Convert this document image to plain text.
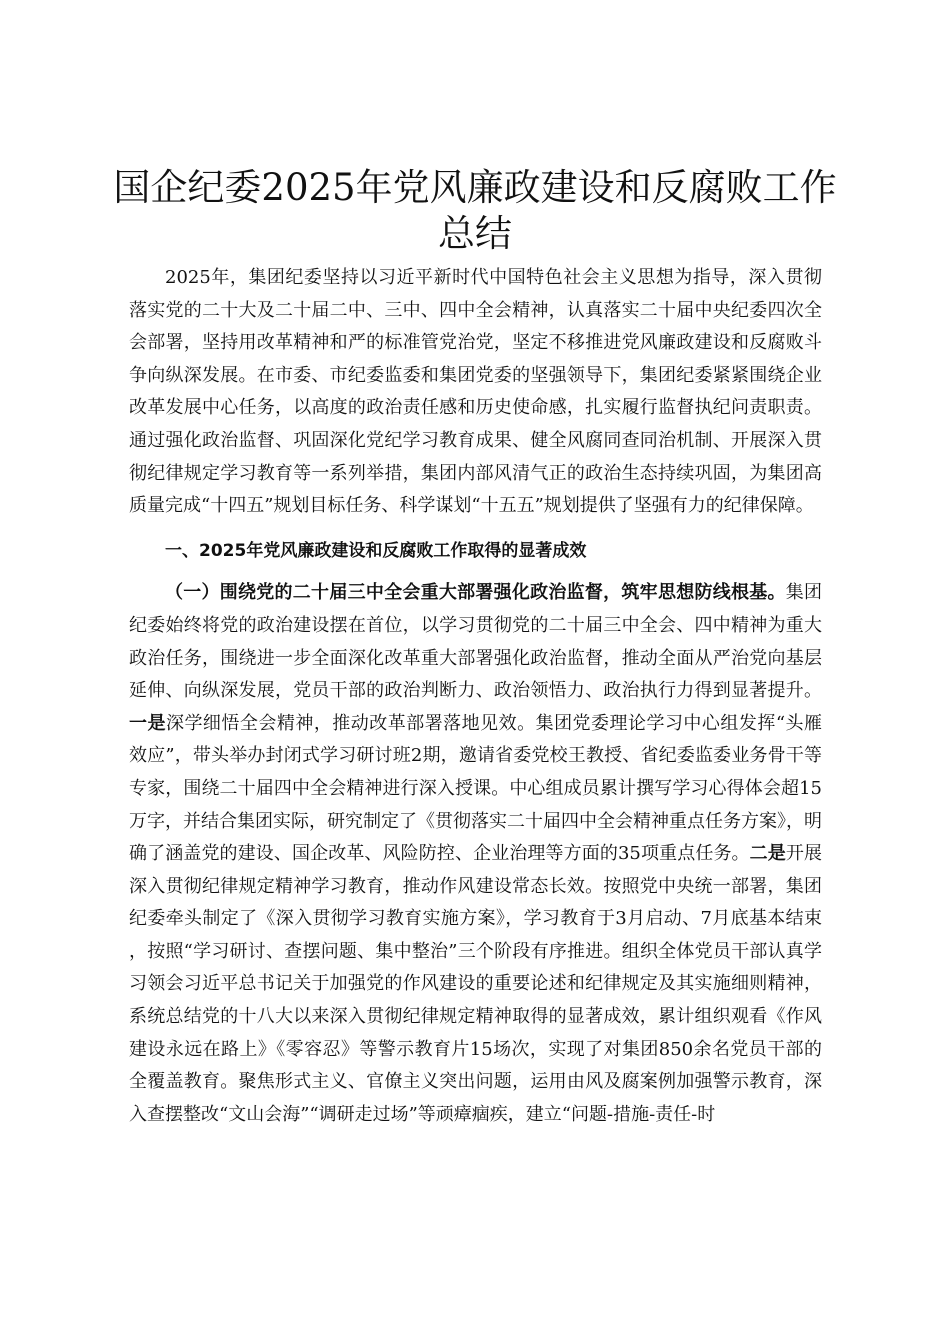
国企纪委2025年党风廉政建设和反腐败工作总结

2025年，集团纪委坚持以习近平新时代中国特色社会主义思想为指导，深入贯彻落实党的二十大及二十届二中、三中、四中全会精神，认真落实二十届中央纪委四次全会部署，坚持用改革精神和严的标准管党治党，坚定不移推进党风廉政建设和反腐败斗争向纵深发展。在市委、市纪委监委和集团党委的坚强领导下，集团纪委紧紧围绕企业改革发展中心任务，以高度的政治责任感和历史使命感，扎实履行监督执纪问责职责。通过强化政治监督、巩固深化党纪学习教育成果、健全风腐同查同治机制、开展深入贯彻纪律规定学习教育等一系列举措，集团内部风清气正的政治生态持续巩固，为集团高质量完成“十四五”规划目标任务、科学谋划“十五五”规划提供了坚强有力的纪律保障。

一、2025年党风廉政建设和反腐败工作取得的显著成效

（一）围绕党的二十届三中全会重大部署强化政治监督，筑牢思想防线根基。集团纪委始终将党的政治建设摆在首位，以学习贯彻党的二十届三中全会、四中精神为重大政治任务，围绕进一步全面深化改革重大部署强化政治监督，推动全面从严治党向基层延伸、向纵深发展，党员干部的政治判断力、政治领悟力、政治执行力得到显著提升。一是深学细悟全会精神，推动改革部署落地见效。集团党委理论学习中心组发挥“头雁效应”，带头举办封闭式学习研讨班2期，邀请省委党校王教授、省纪委监委业务骨干等专家，围绕二十届四中全会精神进行深入授课。中心组成员累计撰写学习心得体会超15万字，并结合集团实际，研究制定了《贯彻落实二十届四中全会精神重点任务方案》，明确了涵盖党的建设、国企改革、风险防控、企业治理等方面的35项重点任务。二是开展深入贯彻纪律规定精神学习教育，推动作风建设常态长效。按照党中央统一部署，集团纪委牵头制定了《深入贯彻学习教育实施方案》，学习教育于3月启动、7月底基本结束，按照“学习研讨、查摆问题、集中整治”三个阶段有序推进。组织全体党员干部认真学习领会习近平总书记关于加强党的作风建设的重要论述和纪律规定及其实施细则精神，系统总结党的十八大以来深入贯彻纪律规定精神取得的显著成效，累计组织观看《作风建设永远在路上》《零容忍》等警示教育片15场次，实现了对集团850余名党员干部的全覆盖教育。聚焦形式主义、官僚主义突出问题，运用由风及腐案例加强警示教育，深入查摆整改“文山会海”“调研走过场”等顽瘴痼疾，建立“问题-措施-责任-时
